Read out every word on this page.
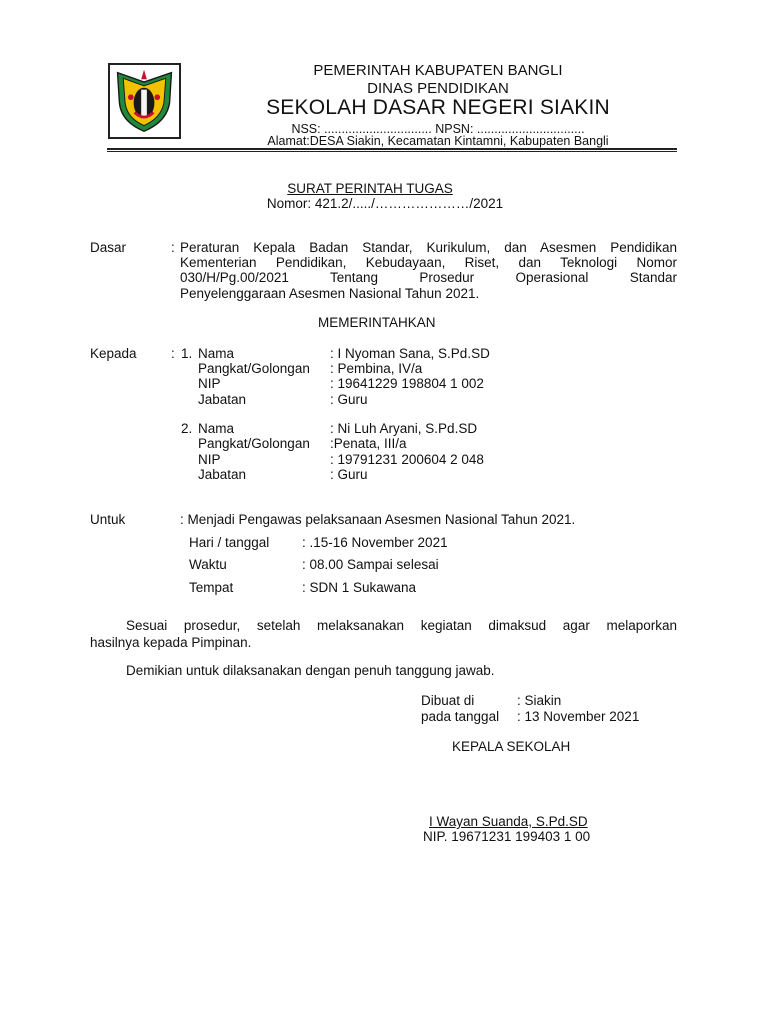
PEMERINTAH KABUPATEN BANGLI
DINAS PENDIDIKAN
SEKOLAH DASAR NEGERI SIAKIN
NSS: ............................... NPSN: ...............................
Alamat:DESA Siakin, Kecamatan Kintamni, Kabupaten Bangli
SURAT PERINTAH TUGAS
Nomor: 421.2/...../…………………/2021
Dasar	: Peraturan Kepala Badan Standar, Kurikulum, dan Asesmen Pendidikan
Kementerian Pendidikan, Kebudayaan, Riset, dan Teknologi Nomor
030/H/Pg.00/2021 Tentang Prosedur Operasional Standar
Penyelenggaraan Asesmen Nasional Tahun 2021.
MEMERINTAHKAN
Kepada	: 1. Nama	: I Nyoman Sana, S.Pd.SD
Pangkat/Golongan : Pembina, IV/a
NIP	: 19641229 198804 1 002
Jabatan	: Guru
2. Nama	: Ni Luh Aryani, S.Pd.SD
Pangkat/Golongan :Penata, III/a
NIP	: 19791231 200604 2 048
Jabatan	: Guru
Untuk	: Menjadi Pengawas pelaksanaan Asesmen Nasional Tahun 2021.
Hari / tanggal : .15-16 November 2021
Waktu	: 08.00 Sampai selesai
Tempat	: SDN 1 Sukawana
Sesuai prosedur, setelah melaksanakan kegiatan dimaksud agar melaporkan
hasilnya kepada Pimpinan.
Demikian untuk dilaksanakan dengan penuh tanggung jawab.
Dibuat di	: Siakin
pada tanggal : 13 November 2021
KEPALA SEKOLAH
I Wayan Suanda, S.Pd.SD
NIP. 19671231 199403 1 00
